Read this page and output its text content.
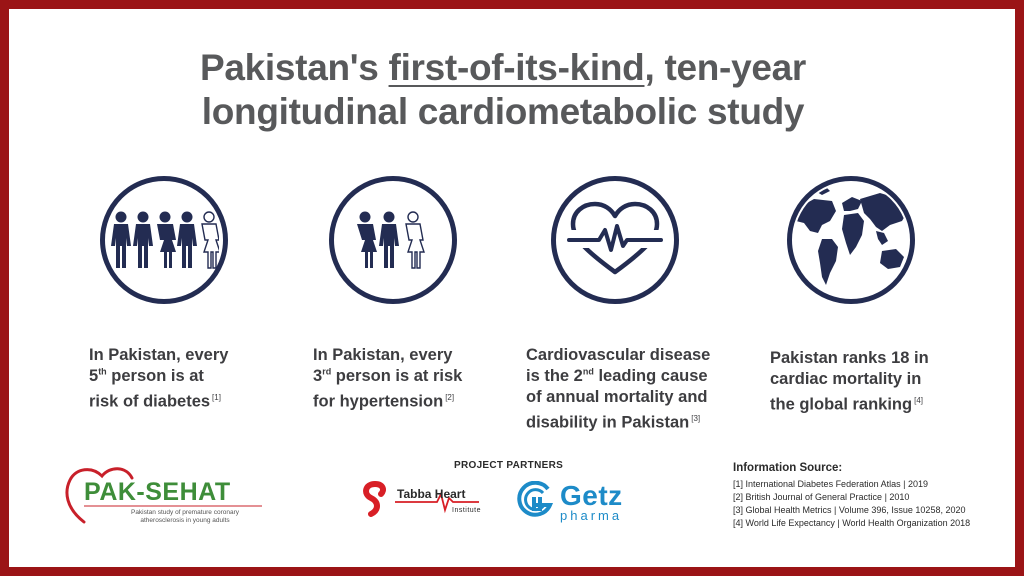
Pakistan's first-of-its-kind, ten-year
longitudinal cardiometabolic study
In Pakistan, every
5th person is at
risk of diabetes [1]
In Pakistan, every
3rd person is at risk
for hypertension [2]
Cardiovascular disease
is the 2nd leading cause
of annual mortality and
disability in Pakistan [3]
Pakistan ranks 18 in
cardiac mortality in
the global ranking [4]
PAK-SEHAT
Pakistan study of premature coronary atherosclerosis in young adults
PROJECT PARTNERS
Tabba Heart
Institute	Getz
pharma
Information Source:
[1] International Diabetes Federation Atlas | 2019
[2] British Journal of General Practice | 2010
[3] Global Health Metrics | Volume 396, Issue 10258, 2020
[4] World Life Expectancy | World Health Organization 2018
